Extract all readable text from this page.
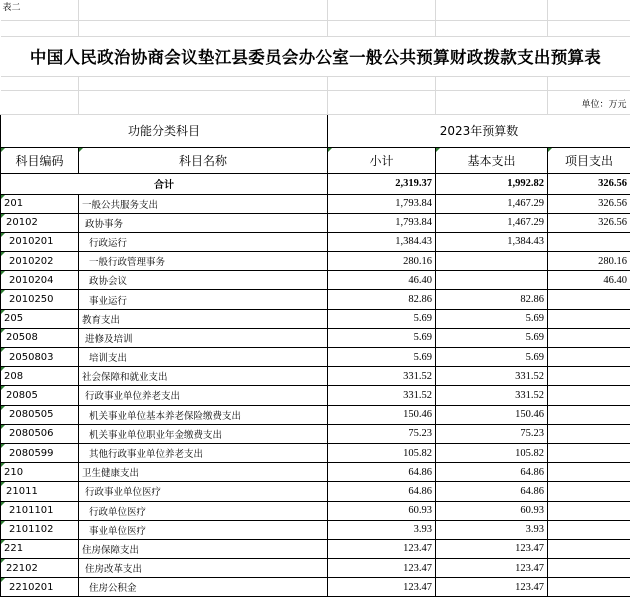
表二				

中国人民政治协商会议垫江县委员会办公室一般公共预算财政拨款支出预算表				

				单位：万元
功能分类科目		2023年预算数		
科目编码	科目名称	小计	基本支出	项目支出
合计		2,319.37	1,992.82	326.56
201	一般公共服务支出	1,793.84	1,467.29	326.56
20102	政协事务	1,793.84	1,467.29	326.56
2010201	行政运行	1,384.43	1,384.43	
2010202	一般行政管理事务	280.16		280.16
2010204	政协会议	46.40		46.40
2010250	事业运行	82.86	82.86	
205	教育支出	5.69	5.69	
20508	进修及培训	5.69	5.69	
2050803	培训支出	5.69	5.69	
208	社会保障和就业支出	331.52	331.52	
20805	行政事业单位养老支出	331.52	331.52	
2080505	机关事业单位基本养老保险缴费支出	150.46	150.46	
2080506	机关事业单位职业年金缴费支出	75.23	75.23	
2080599	其他行政事业单位养老支出	105.82	105.82	
210	卫生健康支出	64.86	64.86	
21011	行政事业单位医疗	64.86	64.86	
2101101	行政单位医疗	60.93	60.93	
2101102	事业单位医疗	3.93	3.93	
221	住房保障支出	123.47	123.47	
22102	住房改革支出	123.47	123.47	
2210201	住房公积金	123.47	123.47	
